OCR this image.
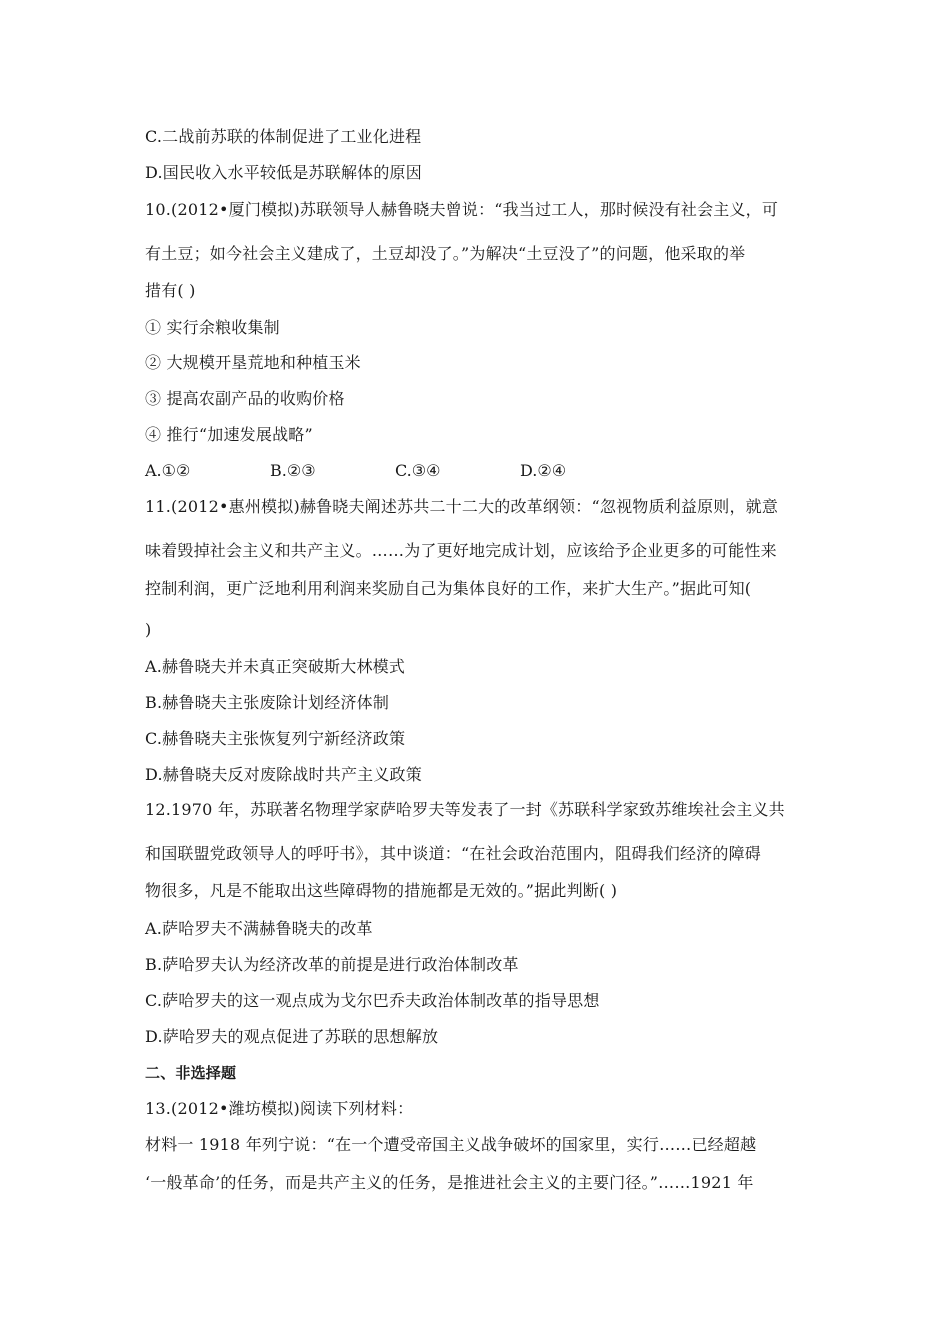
C.二战前苏联的体制促进了工业化进程
D.国民收入水平较低是苏联解体的原因
10.(2012•厦门模拟)苏联领导人赫鲁晓夫曾说：“我当过工人，那时候没有社会主义，可
有土豆；如今社会主义建成了，土豆却没了。”为解决“土豆没了”的问题，他采取的举
措有( )
① 实行余粮收集制
② 大规模开垦荒地和种植玉米
③ 提高农副产品的收购价格
④ 推行“加速发展战略”
A.①②	B.②③	C.③④	D.②④
11.(2012•惠州模拟)赫鲁晓夫阐述苏共二十二大的改革纲领：“忽视物质利益原则，就意
味着毁掉社会主义和共产主义。……为了更好地完成计划，应该给予企业更多的可能性来
控制利润，更广泛地利用利润来奖励自己为集体良好的工作，来扩大生产。”据此可知(
)
A.赫鲁晓夫并未真正突破斯大林模式
B.赫鲁晓夫主张废除计划经济体制
C.赫鲁晓夫主张恢复列宁新经济政策
D.赫鲁晓夫反对废除战时共产主义政策
12.1970 年，苏联著名物理学家萨哈罗夫等发表了一封《苏联科学家致苏维埃社会主义共
和国联盟党政领导人的呼吁书》，其中谈道：“在社会政治范围内，阻碍我们经济的障碍
物很多，凡是不能取出这些障碍物的措施都是无效的。”据此判断( )
A.萨哈罗夫不满赫鲁晓夫的改革
B.萨哈罗夫认为经济改革的前提是进行政治体制改革
C.萨哈罗夫的这一观点成为戈尔巴乔夫政治体制改革的指导思想
D.萨哈罗夫的观点促进了苏联的思想解放
二、非选择题
13.(2012•潍坊模拟)阅读下列材料：
材料一 1918 年列宁说：“在一个遭受帝国主义战争破坏的国家里，实行……已经超越
‘一般革命’的任务，而是共产主义的任务，是推进社会主义的主要门径。”……1921 年
